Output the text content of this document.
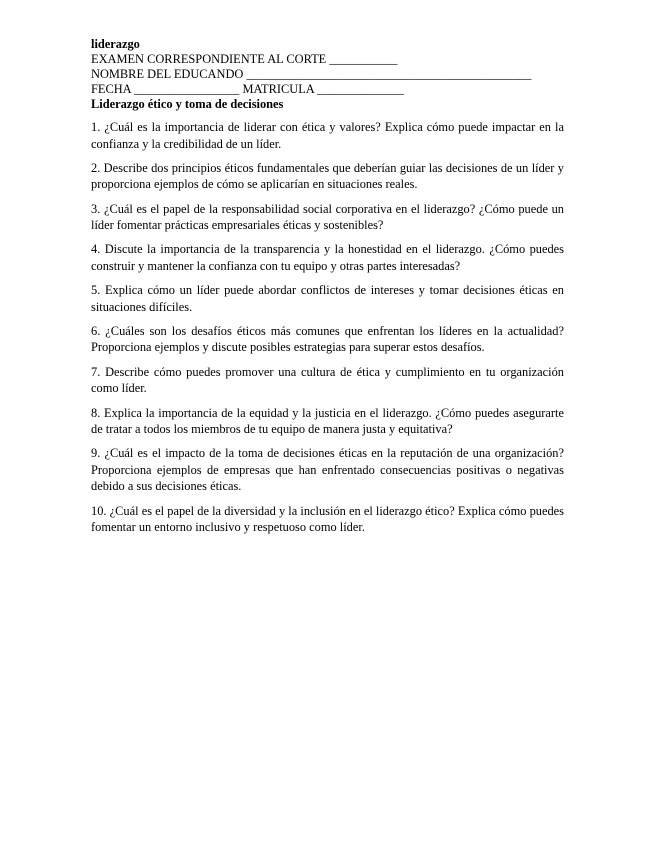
liderazgo
EXAMEN CORRESPONDIENTE AL CORTE ___________
NOMBRE DEL EDUCANDO ______________________________________________
FECHA _________________ MATRICULA ______________
Liderazgo ético y toma de decisiones

1. ¿Cuál es la importancia de liderar con ética y valores? Explica cómo puede impactar en la confianza y la credibilidad de un líder.

2. Describe dos principios éticos fundamentales que deberían guiar las decisiones de un líder y proporciona ejemplos de cómo se aplicarían en situaciones reales.

3. ¿Cuál es el papel de la responsabilidad social corporativa en el liderazgo? ¿Cómo puede un líder fomentar prácticas empresariales éticas y sostenibles?

4. Discute la importancia de la transparencia y la honestidad en el liderazgo. ¿Cómo puedes construir y mantener la confianza con tu equipo y otras partes interesadas?

5. Explica cómo un líder puede abordar conflictos de intereses y tomar decisiones éticas en situaciones difíciles.

6. ¿Cuáles son los desafíos éticos más comunes que enfrentan los líderes en la actualidad? Proporciona ejemplos y discute posibles estrategias para superar estos desafíos.

7. Describe cómo puedes promover una cultura de ética y cumplimiento en tu organización como líder.

8. Explica la importancia de la equidad y la justicia en el liderazgo. ¿Cómo puedes asegurarte de tratar a todos los miembros de tu equipo de manera justa y equitativa?

9. ¿Cuál es el impacto de la toma de decisiones éticas en la reputación de una organización? Proporciona ejemplos de empresas que han enfrentado consecuencias positivas o negativas debido a sus decisiones éticas.

10. ¿Cuál es el papel de la diversidad y la inclusión en el liderazgo ético? Explica cómo puedes fomentar un entorno inclusivo y respetuoso como líder.
